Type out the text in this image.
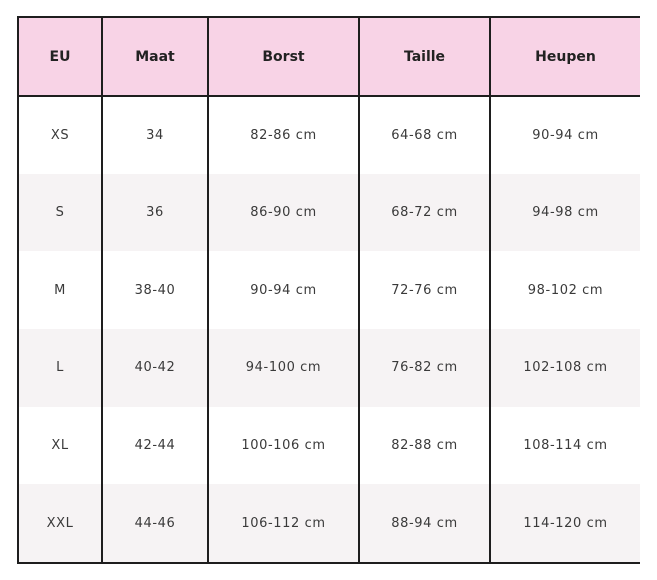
EU	Maat	Borst	Taille	Heupen
XS	34	82-86 cm	64-68 cm	90-94 cm
S	36	86-90 cm	68-72 cm	94-98 cm
M	38-40	90-94 cm	72-76 cm	98-102 cm
L	40-42	94-100 cm	76-82 cm	102-108 cm
XL	42-44	100-106 cm	82-88 cm	108-114 cm
XXL	44-46	106-112 cm	88-94 cm	114-120 cm
